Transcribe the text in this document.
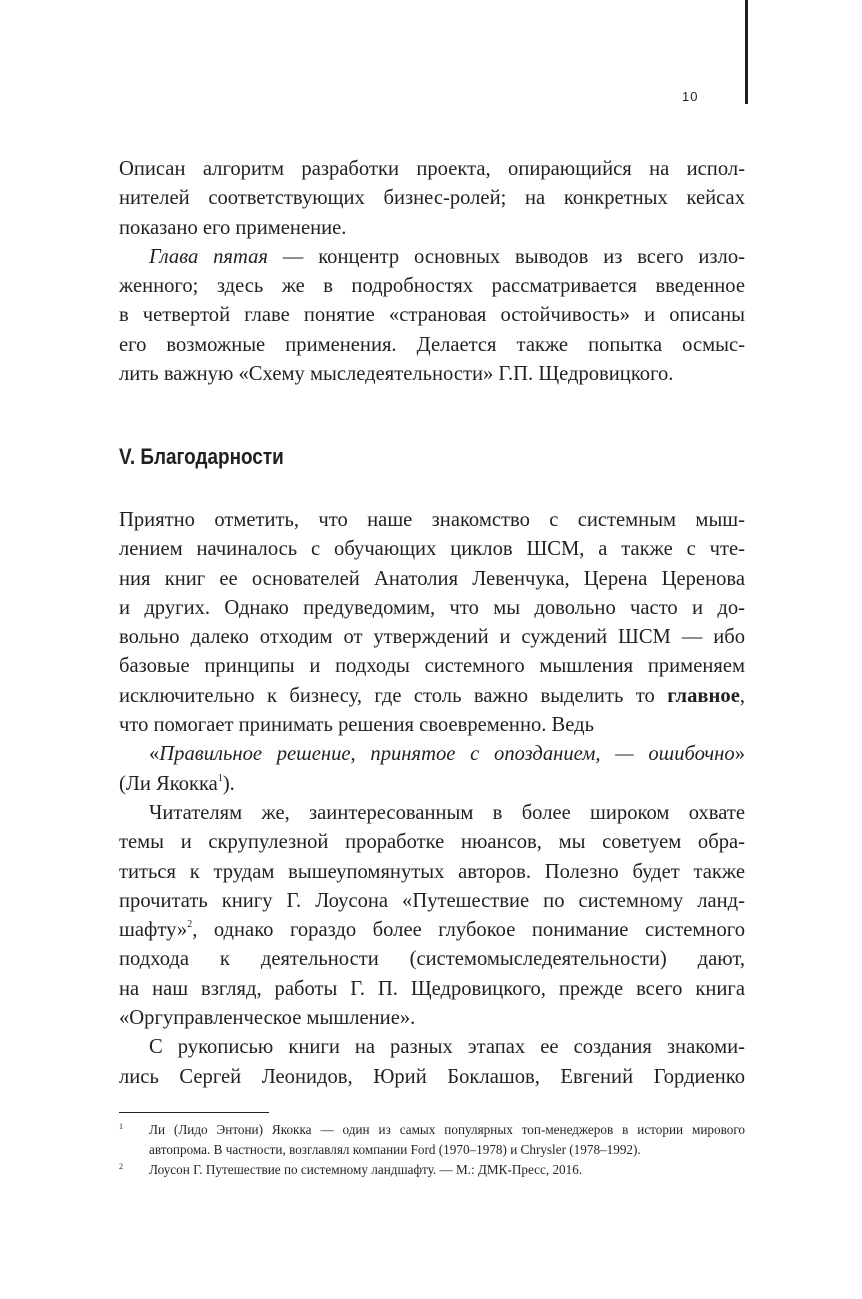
10

Описан алгоритм разработки проекта, опирающийся на испол-
нителей соответствующих бизнес-ролей; на конкретных кейсах
показано его применение.

Глава пятая — концентр основных выводов из всего изло-
женного; здесь же в подробностях рассматривается введенное
в четвертой главе понятие «страновая остойчивость» и описаны
его возможные применения. Делается также попытка осмыс-
лить важную «Схему мыследеятельности» Г.П. Щедровицкого.

V. Благодарности

Приятно отметить, что наше знакомство с системным мыш-
лением начиналось с обучающих циклов ШСМ, а также с чте-
ния книг ее основателей Анатолия Левенчука, Церена Церенова
и других. Однако предуведомим, что мы довольно часто и до-
вольно далеко отходим от утверждений и суждений ШСМ — ибо
базовые принципы и подходы системного мышления применяем
исключительно к бизнесу, где столь важно выделить то главное,
что помогает принимать решения своевременно. Ведь

«Правильное решение, принятое с опозданием, — ошибочно»
(Ли Якокка$^1$).

Читателям же, заинтересованным в более широком охвате
темы и скрупулезной проработке нюансов, мы советуем обра-
титься к трудам вышеупомянутых авторов. Полезно будет также
прочитать книгу Г. Лоусона «Путешествие по системному ланд-
шафту»$^2$, однако гораздо более глубокое понимание системного
подхода к деятельности (системомыследеятельности) дают,
на наш взгляд, работы Г. П. Щедровицкого, прежде всего книга
«Оргуправленческое мышление».

С рукописью книги на разных этапах ее создания знакоми-
лись Сергей Леонидов, Юрий Боклашов, Евгений Гордиенко

1 Ли (Лидо Энтони) Якокка — один из самых популярных топ-менеджеров в истории мирового
автопрома. В частности, возглавлял компании Ford (1970–1978) и Chrysler (1978–1992).
2 Лоусон Г. Путешествие по системному ландшафту. — М.: ДМК-Пресс, 2016.
